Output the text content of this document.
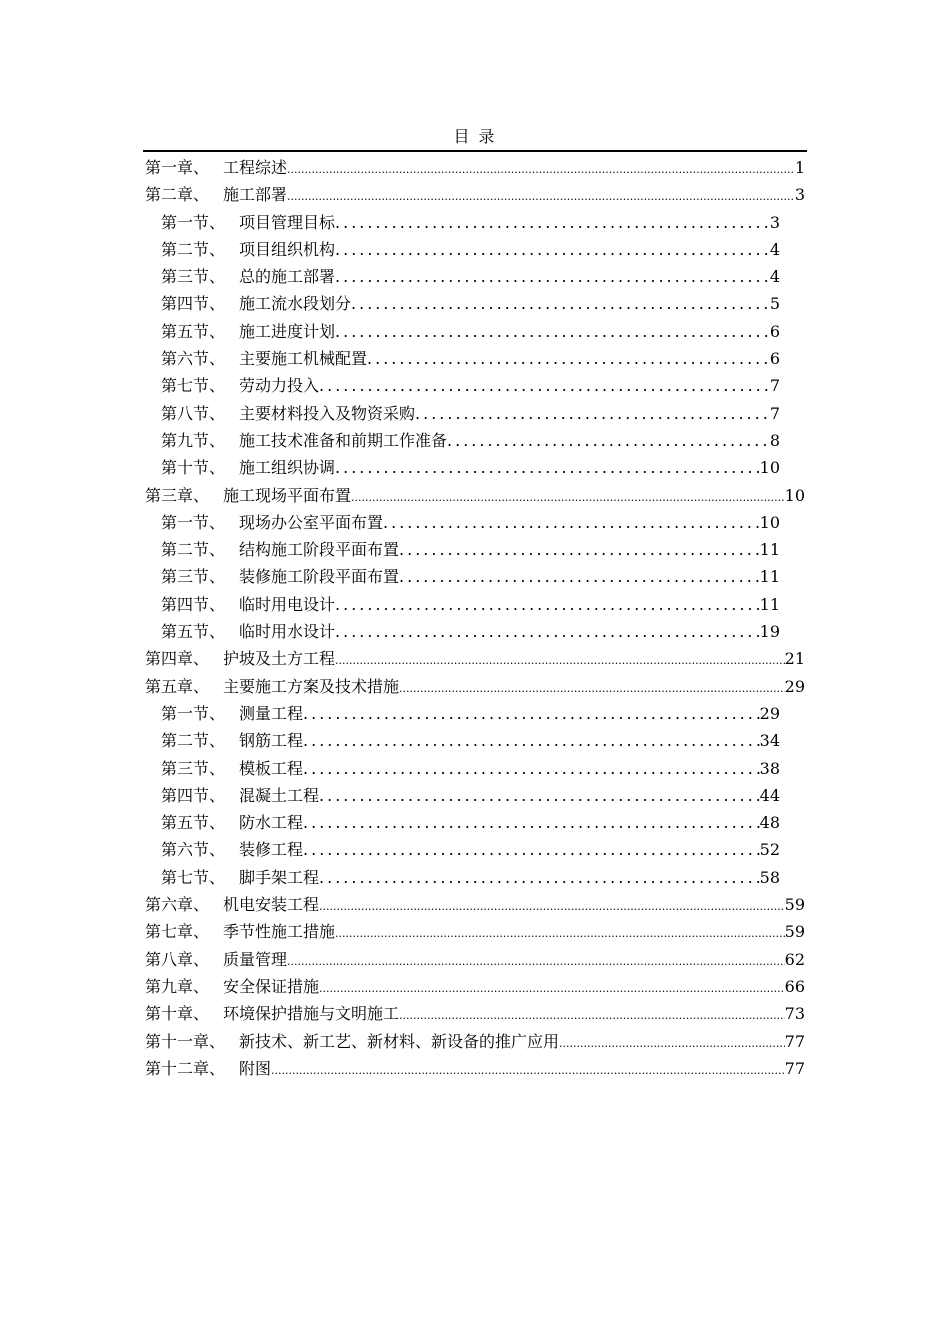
目 录
第一章、 工程综述 .....	1
第二章、 施工部署 .....	3
第一节、 项目管理目标 .....	3
第二节、 项目组织机构 .....	4
第三节、 总的施工部署 .....	4
第四节、 施工流水段划分 .....	5
第五节、 施工进度计划 .....	6
第六节、 主要施工机械配置 .....	6
第七节、 劳动力投入 .....	7
第八节、 主要材料投入及物资采购 .....	7
第九节、 施工技术准备和前期工作准备 .....	8
第十节、 施工组织协调 .....	10
第三章、 施工现场平面布置 .....	10
第一节、 现场办公室平面布置 .....	10
第二节、 结构施工阶段平面布置 .....	11
第三节、 装修施工阶段平面布置 .....	11
第四节、 临时用电设计 .....	11
第五节、 临时用水设计 .....	19
第四章、 护坡及土方工程 .....	21
第五章、 主要施工方案及技术措施 .....	29
第一节、 测量工程 .....	29
第二节、 钢筋工程 .....	34
第三节、 模板工程 .....	38
第四节、 混凝土工程 .....	44
第五节、 防水工程 .....	48
第六节、 装修工程 .....	52
第七节、 脚手架工程 .....	58
第六章、 机电安装工程 .....	59
第七章、 季节性施工措施 .....	59
第八章、 质量管理 .....	62
第九章、 安全保证措施 .....	66
第十章、 环境保护措施与文明施工 .....	73
第十一章、 新技术、新工艺、新材料、新设备的推广应用 .....	77
第十二章、 附图 .....	77
